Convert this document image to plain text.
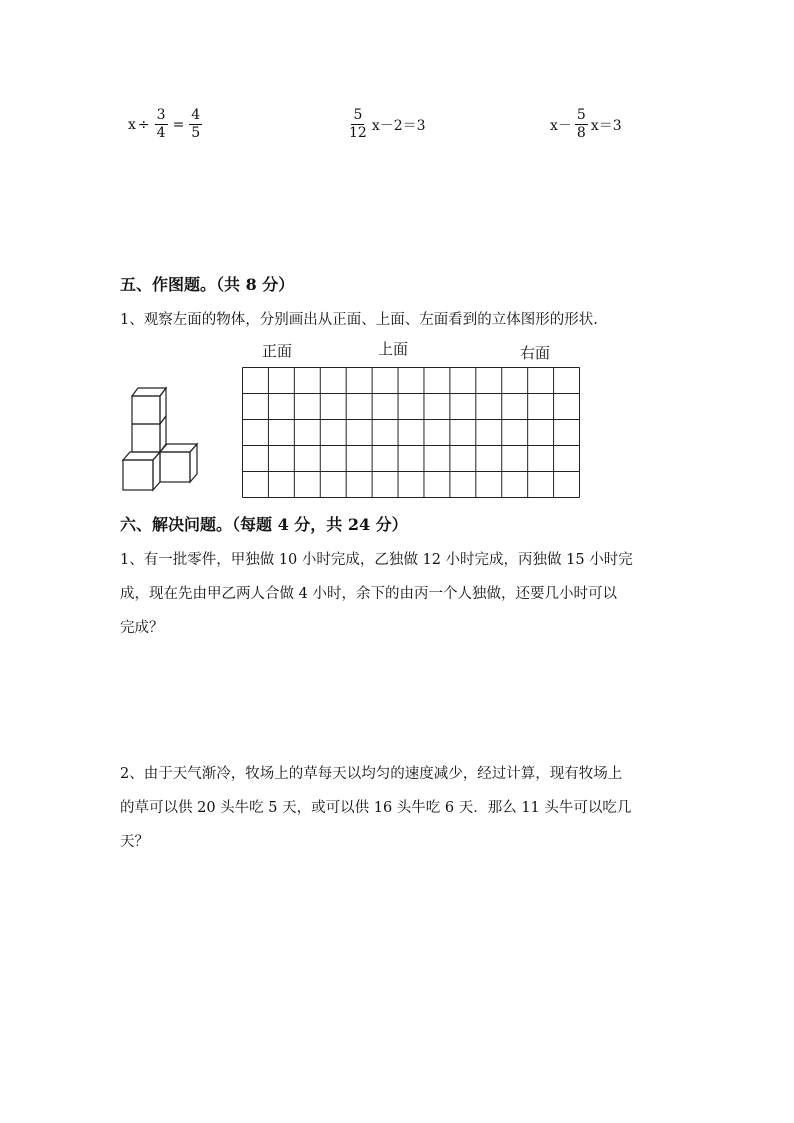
$x \div \frac{3}{4} = \frac{4}{5}$	$\frac{5}{12} x-2=3$	$x- \frac{5}{8} x=3$
五、作图题。（共 8 分）
1、观察左面的物体，分别画出从正面、上面、左面看到的立体图形的形状.
正面	上面	右面
六、解决问题。（每题 4 分，共 24 分）
1、有一批零件，甲独做 10 小时完成，乙独做 12 小时完成，丙独做 15 小时完
成，现在先由甲乙两人合做 4 小时，余下的由丙一个人独做，还要几小时可以
完成？
2、由于天气渐冷，牧场上的草每天以均匀的速度减少，经过计算，现有牧场上
的草可以供 20 头牛吃 5 天，或可以供 16 头牛吃 6 天．那么 11 头牛可以吃几
天？
